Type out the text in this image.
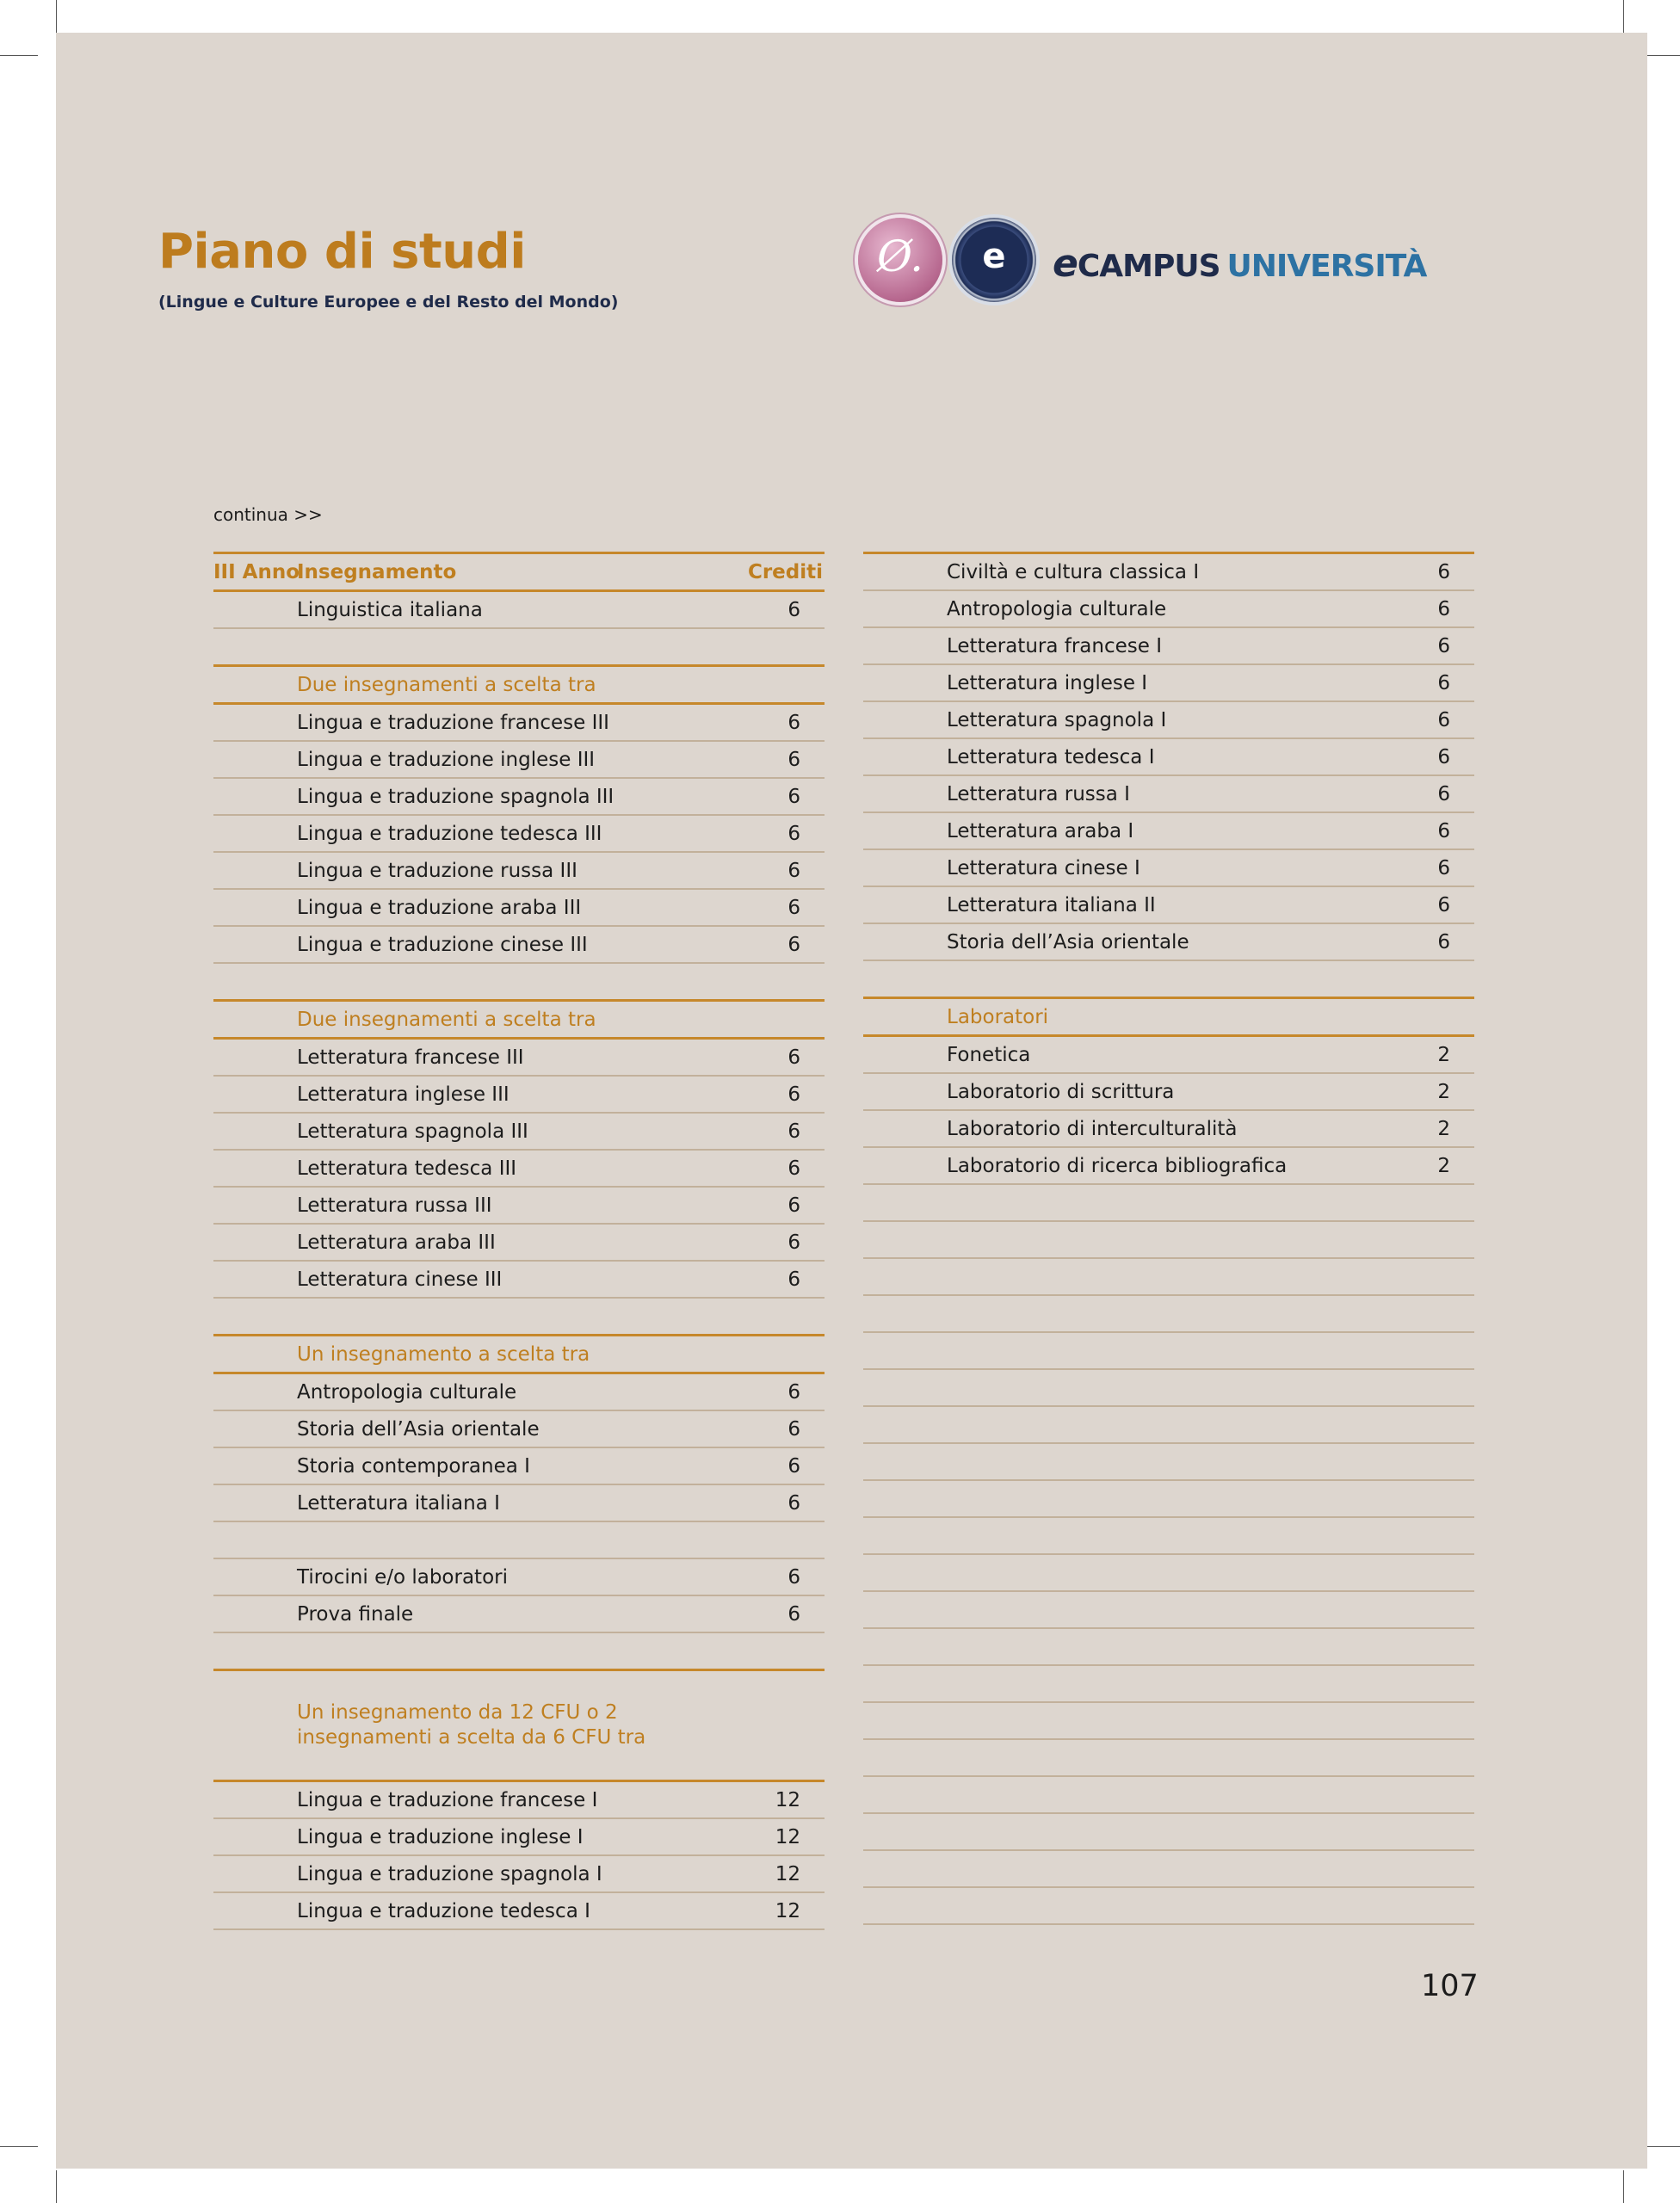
Piano di studi

(Lingue e Culture Europee e del Resto del Mondo)

Ø.	e	eCAMPUS UNIVERSITÀ

continua >>

III Anno
Insegnamento	Crediti
Linguistica italiana	6

Due insegnamenti a scelta tra	
Lingua e traduzione francese III	6
Lingua e traduzione inglese III	6
Lingua e traduzione spagnola III	6
Lingua e traduzione tedesca III	6
Lingua e traduzione russa III	6
Lingua e traduzione araba III	6
Lingua e traduzione cinese III	6

Due insegnamenti a scelta tra	
Letteratura francese III	6
Letteratura inglese III	6
Letteratura spagnola III	6
Letteratura tedesca III	6
Letteratura russa III	6
Letteratura araba III	6
Letteratura cinese III	6

Un insegnamento a scelta tra	
Antropologia culturale	6
Storia dell’Asia orientale	6
Storia contemporanea I	6
Letteratura italiana I	6

Tirocini e/o laboratori	6
Prova finale	6

Un insegnamento da 12 CFU o 2 insegnamenti a scelta da 6 CFU tra	
Lingua e traduzione francese I	12
Lingua e traduzione inglese I	12
Lingua e traduzione spagnola I	12
Lingua e traduzione tedesca I	12
Civiltà e cultura classica I	6
Antropologia culturale	6
Letteratura francese I	6
Letteratura inglese I	6
Letteratura spagnola I	6
Letteratura tedesca I	6
Letteratura russa I	6
Letteratura araba I	6
Letteratura cinese I	6
Letteratura italiana II	6
Storia dell’Asia orientale	6

Laboratori	
Fonetica	2
Laboratorio di scrittura	2
Laboratorio di interculturalità	2
Laboratorio di ricerca bibliografica	2

107
